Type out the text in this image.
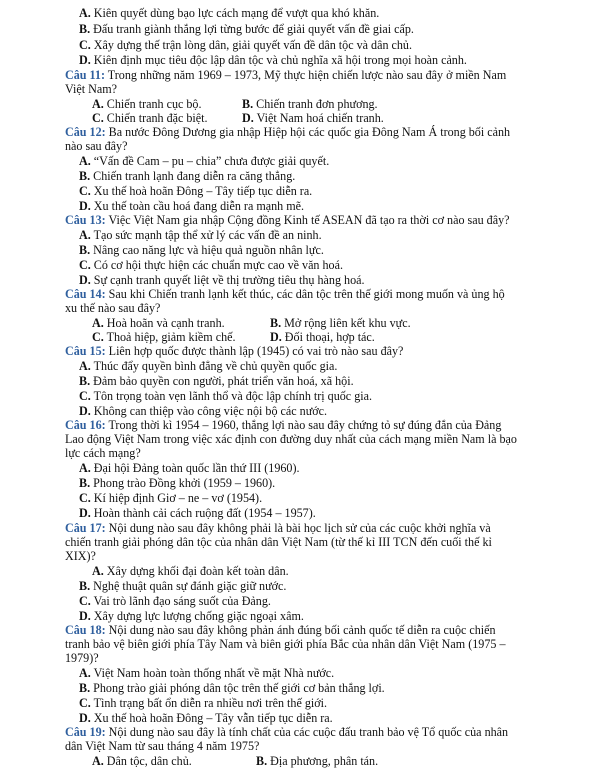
A. Kiên quyết dùng bạo lực cách mạng để vượt qua khó khăn.
B. Đấu tranh giành thắng lợi từng bước để giải quyết vấn đề giai cấp.
C. Xây dựng thế trận lòng dân, giải quyết vấn đề dân tộc và dân chủ.
D. Kiên định mục tiêu độc lập dân tộc và chủ nghĩa xã hội trong mọi hoàn cảnh.
Câu 11: Trong những năm 1969 – 1973, Mỹ thực hiện chiến lược nào sau đây ở miền Nam
Việt Nam?
A. Chiến tranh cục bộ.	B. Chiến tranh đơn phương.
C. Chiến tranh đặc biệt.	D. Việt Nam hoá chiến tranh.
Câu 12: Ba nước Đông Dương gia nhập Hiệp hội các quốc gia Đông Nam Á trong bối cảnh
nào sau đây?
A. “Vấn đề Cam – pu – chia” chưa được giải quyết.
B. Chiến tranh lạnh đang diễn ra căng thẳng.
C. Xu thế hoà hoãn Đông – Tây tiếp tục diễn ra.
D. Xu thế toàn cầu hoá đang diễn ra mạnh mẽ.
Câu 13: Việc Việt Nam gia nhập Cộng đồng Kinh tế ASEAN đã tạo ra thời cơ nào sau đây?
A. Tạo sức mạnh tập thể xử lý các vấn đề an ninh.
B. Nâng cao năng lực và hiệu quả nguồn nhân lực.
C. Có cơ hội thực hiện các chuẩn mực cao về văn hoá.
D. Sự cạnh tranh quyết liệt về thị trường tiêu thụ hàng hoá.
Câu 14: Sau khi Chiến tranh lạnh kết thúc, các dân tộc trên thế giới mong muốn và ủng hộ
xu thế nào sau đây?
A. Hoà hoãn và cạnh tranh.	B. Mở rộng liên kết khu vực.
C. Thoả hiệp, giảm kiềm chế.	D. Đối thoại, hợp tác.
Câu 15: Liên hợp quốc được thành lập (1945) có vai trò nào sau đây?
A. Thúc đẩy quyền bình đẳng về chủ quyền quốc gia.
B. Đảm bảo quyền con người, phát triển văn hoá, xã hội.
C. Tôn trọng toàn vẹn lãnh thổ và độc lập chính trị quốc gia.
D. Không can thiệp vào công việc nội bộ các nước.
Câu 16: Trong thời kì 1954 – 1960, thắng lợi nào sau đây chứng tỏ sự đúng đắn của Đảng
Lao động Việt Nam trong việc xác định con đường duy nhất của cách mạng miền Nam là bạo
lực cách mạng?
A. Đại hội Đảng toàn quốc lần thứ III (1960).
B. Phong trào Đồng khởi (1959 – 1960).
C. Kí hiệp định Giơ – ne – vơ (1954).
D. Hoàn thành cải cách ruộng đất (1954 – 1957).
Câu 17: Nội dung nào sau đây không phải là bài học lịch sử của các cuộc khởi nghĩa và
chiến tranh giải phóng dân tộc của nhân dân Việt Nam (từ thế kỉ III TCN đến cuối thế kỉ
XIX)?
A. Xây dựng khối đại đoàn kết toàn dân.
B. Nghệ thuật quân sự đánh giặc giữ nước.
C. Vai trò lãnh đạo sáng suốt của Đảng.
D. Xây dựng lực lượng chống giặc ngoại xâm.
Câu 18: Nội dung nào sau đây không phản ánh đúng bối cảnh quốc tế diễn ra cuộc chiến
tranh bảo vệ biên giới phía Tây Nam và biên giới phía Bắc của nhân dân Việt Nam (1975 –
1979)?
A. Việt Nam hoàn toàn thống nhất về mặt Nhà nước.
B. Phong trào giải phóng dân tộc trên thế giới cơ bản thắng lợi.
C. Tình trạng bất ổn diễn ra nhiều nơi trên thế giới.
D. Xu thế hoà hoãn Đông – Tây vẫn tiếp tục diễn ra.
Câu 19: Nội dung nào sau đây là tính chất của các cuộc đấu tranh bảo vệ Tổ quốc của nhân
dân Việt Nam từ sau tháng 4 năm 1975?
A. Dân tộc, dân chủ.	B. Địa phương, phân tán.
